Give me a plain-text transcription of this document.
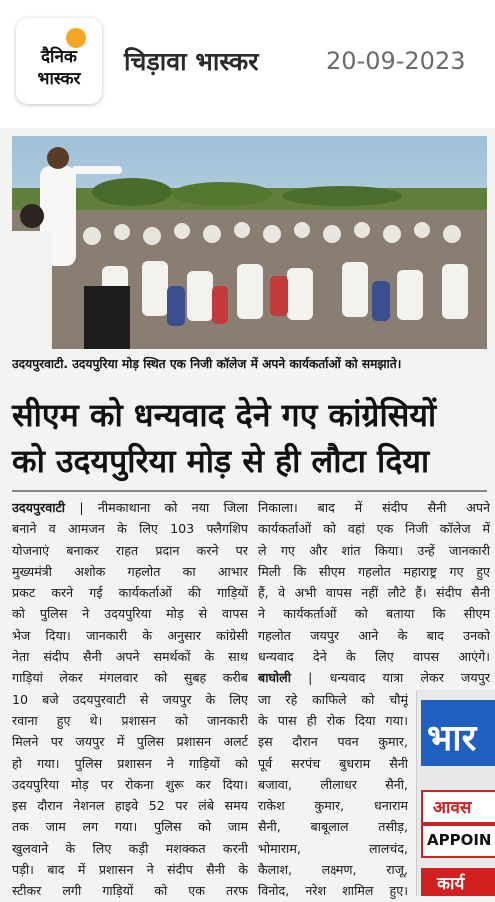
दैनिक
भास्कर
चिड़ावा भास्कर	20-09-2023
उदयपुरवाटी. उदयपुरिया मोड़ स्थित एक निजी कॉलेज में अपने कार्यकर्ताओं को समझाते।
सीएम को धन्यवाद देने गए कांग्रेसियों
को उदयपुरिया मोड़ से ही लौटा दिया
उदयपुरवाटी | नीमकाथाना को नया जिला
बनाने व आमजन के लिए 103 फ्लैगशिप
योजनाएं बनाकर राहत प्रदान करने पर
मुख्यमंत्री अशोक गहलोत का आभार
प्रकट करने गई कार्यकर्ताओं की गाड़ियों
को पुलिस ने उदयपुरिया मोड़ से वापस
भेज दिया। जानकारी के अनुसार कांग्रेसी
नेता संदीप सैनी अपने समर्थकों के साथ
गाड़ियां लेकर मंगलवार को सुबह करीब
10 बजे उदयपुरवाटी से जयपुर के लिए
रवाना हुए थे। प्रशासन को जानकारी
मिलने पर जयपुर में पुलिस प्रशासन अलर्ट
हो गया। पुलिस प्रशासन ने गाड़ियों को
उदयपुरिया मोड़ पर रोकना शुरू कर दिया।
इस दौरान नेशनल हाइवे 52 पर लंबे समय
तक जाम लग गया। पुलिस को जाम
खुलवाने के लिए कड़ी मशक्कत करनी
पड़ी। बाद में प्रशासन ने संदीप सैनी के
स्टीकर लगी गाड़ियों को एक तरफ
निकाला। बाद में संदीप सैनी अपने
कार्यकर्ताओं को वहां एक निजी कॉलेज में
ले गए और शांत किया। उन्हें जानकारी
मिली कि सीएम गहलोत महाराष्ट्र गए हुए
हैं, वे अभी वापस नहीं लौटे हैं। संदीप सैनी
ने कार्यकर्ताओं को बताया कि सीएम
गहलोत जयपुर आने के बाद उनको
धन्यवाद देने के लिए वापस आएंगे।
बाघोली | धन्यवाद यात्रा लेकर जयपुर
जा रहे काफिले को चौमूं
के पास ही रोक दिया गया।
इस दौरान पवन कुमार,
पूर्व सरपंच बुधराम सैनी
बजावा, लीलाधर सैनी,
राकेश कुमार, धनाराम
सैनी, बाबूलाल तसीड़,
भोमाराम, लालचंद,
कैलाश, लक्ष्मण, राजू,
विनोद, नरेश शामिल हुए।
भार
आवस
APPOIN
कार्य
